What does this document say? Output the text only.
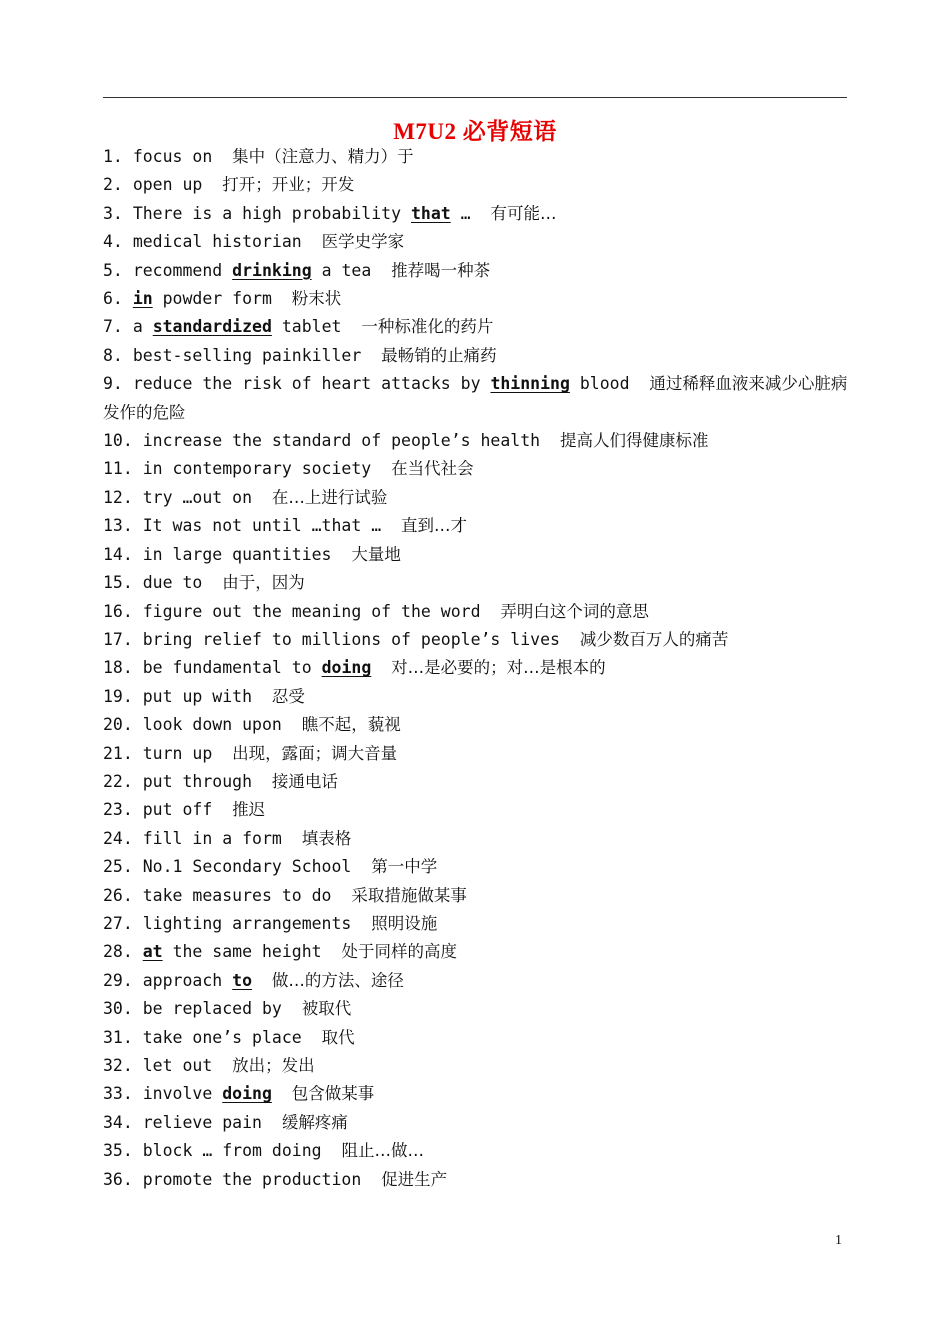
M7U2 必背短语
1. focus on 集中（注意力、精力）于
2. open up 打开；开业；开发
3. There is a high probability that … 有可能…
4. medical historian 医学史学家
5. recommend drinking a tea 推荐喝一种茶
6. in powder form 粉末状
7. a standardized tablet 一种标准化的药片
8. best-selling painkiller 最畅销的止痛药
9. reduce the risk of heart attacks by thinning blood 通过稀释血液来减少心脏病发作的危险
10. increase the standard of people’s health 提高人们得健康标准
11. in contemporary society 在当代社会
12. try …out on 在…上进行试验
13. It was not until …that … 直到…才
14. in large quantities 大量地
15. due to 由于，因为
16. figure out the meaning of the word 弄明白这个词的意思
17. bring relief to millions of people’s lives 减少数百万人的痛苦
18. be fundamental to doing 对…是必要的；对…是根本的
19. put up with 忍受
20. look down upon 瞧不起，藐视
21. turn up 出现，露面；调大音量
22. put through 接通电话
23. put off 推迟
24. fill in a form 填表格
25. No.1 Secondary School 第一中学
26. take measures to do 采取措施做某事
27. lighting arrangements 照明设施
28. at the same height 处于同样的高度
29. approach to 做…的方法、途径
30. be replaced by 被取代
31. take one’s place 取代
32. let out 放出；发出
33. involve doing 包含做某事
34. relieve pain 缓解疼痛
35. block … from doing 阻止…做…
36. promote the production 促进生产
1
